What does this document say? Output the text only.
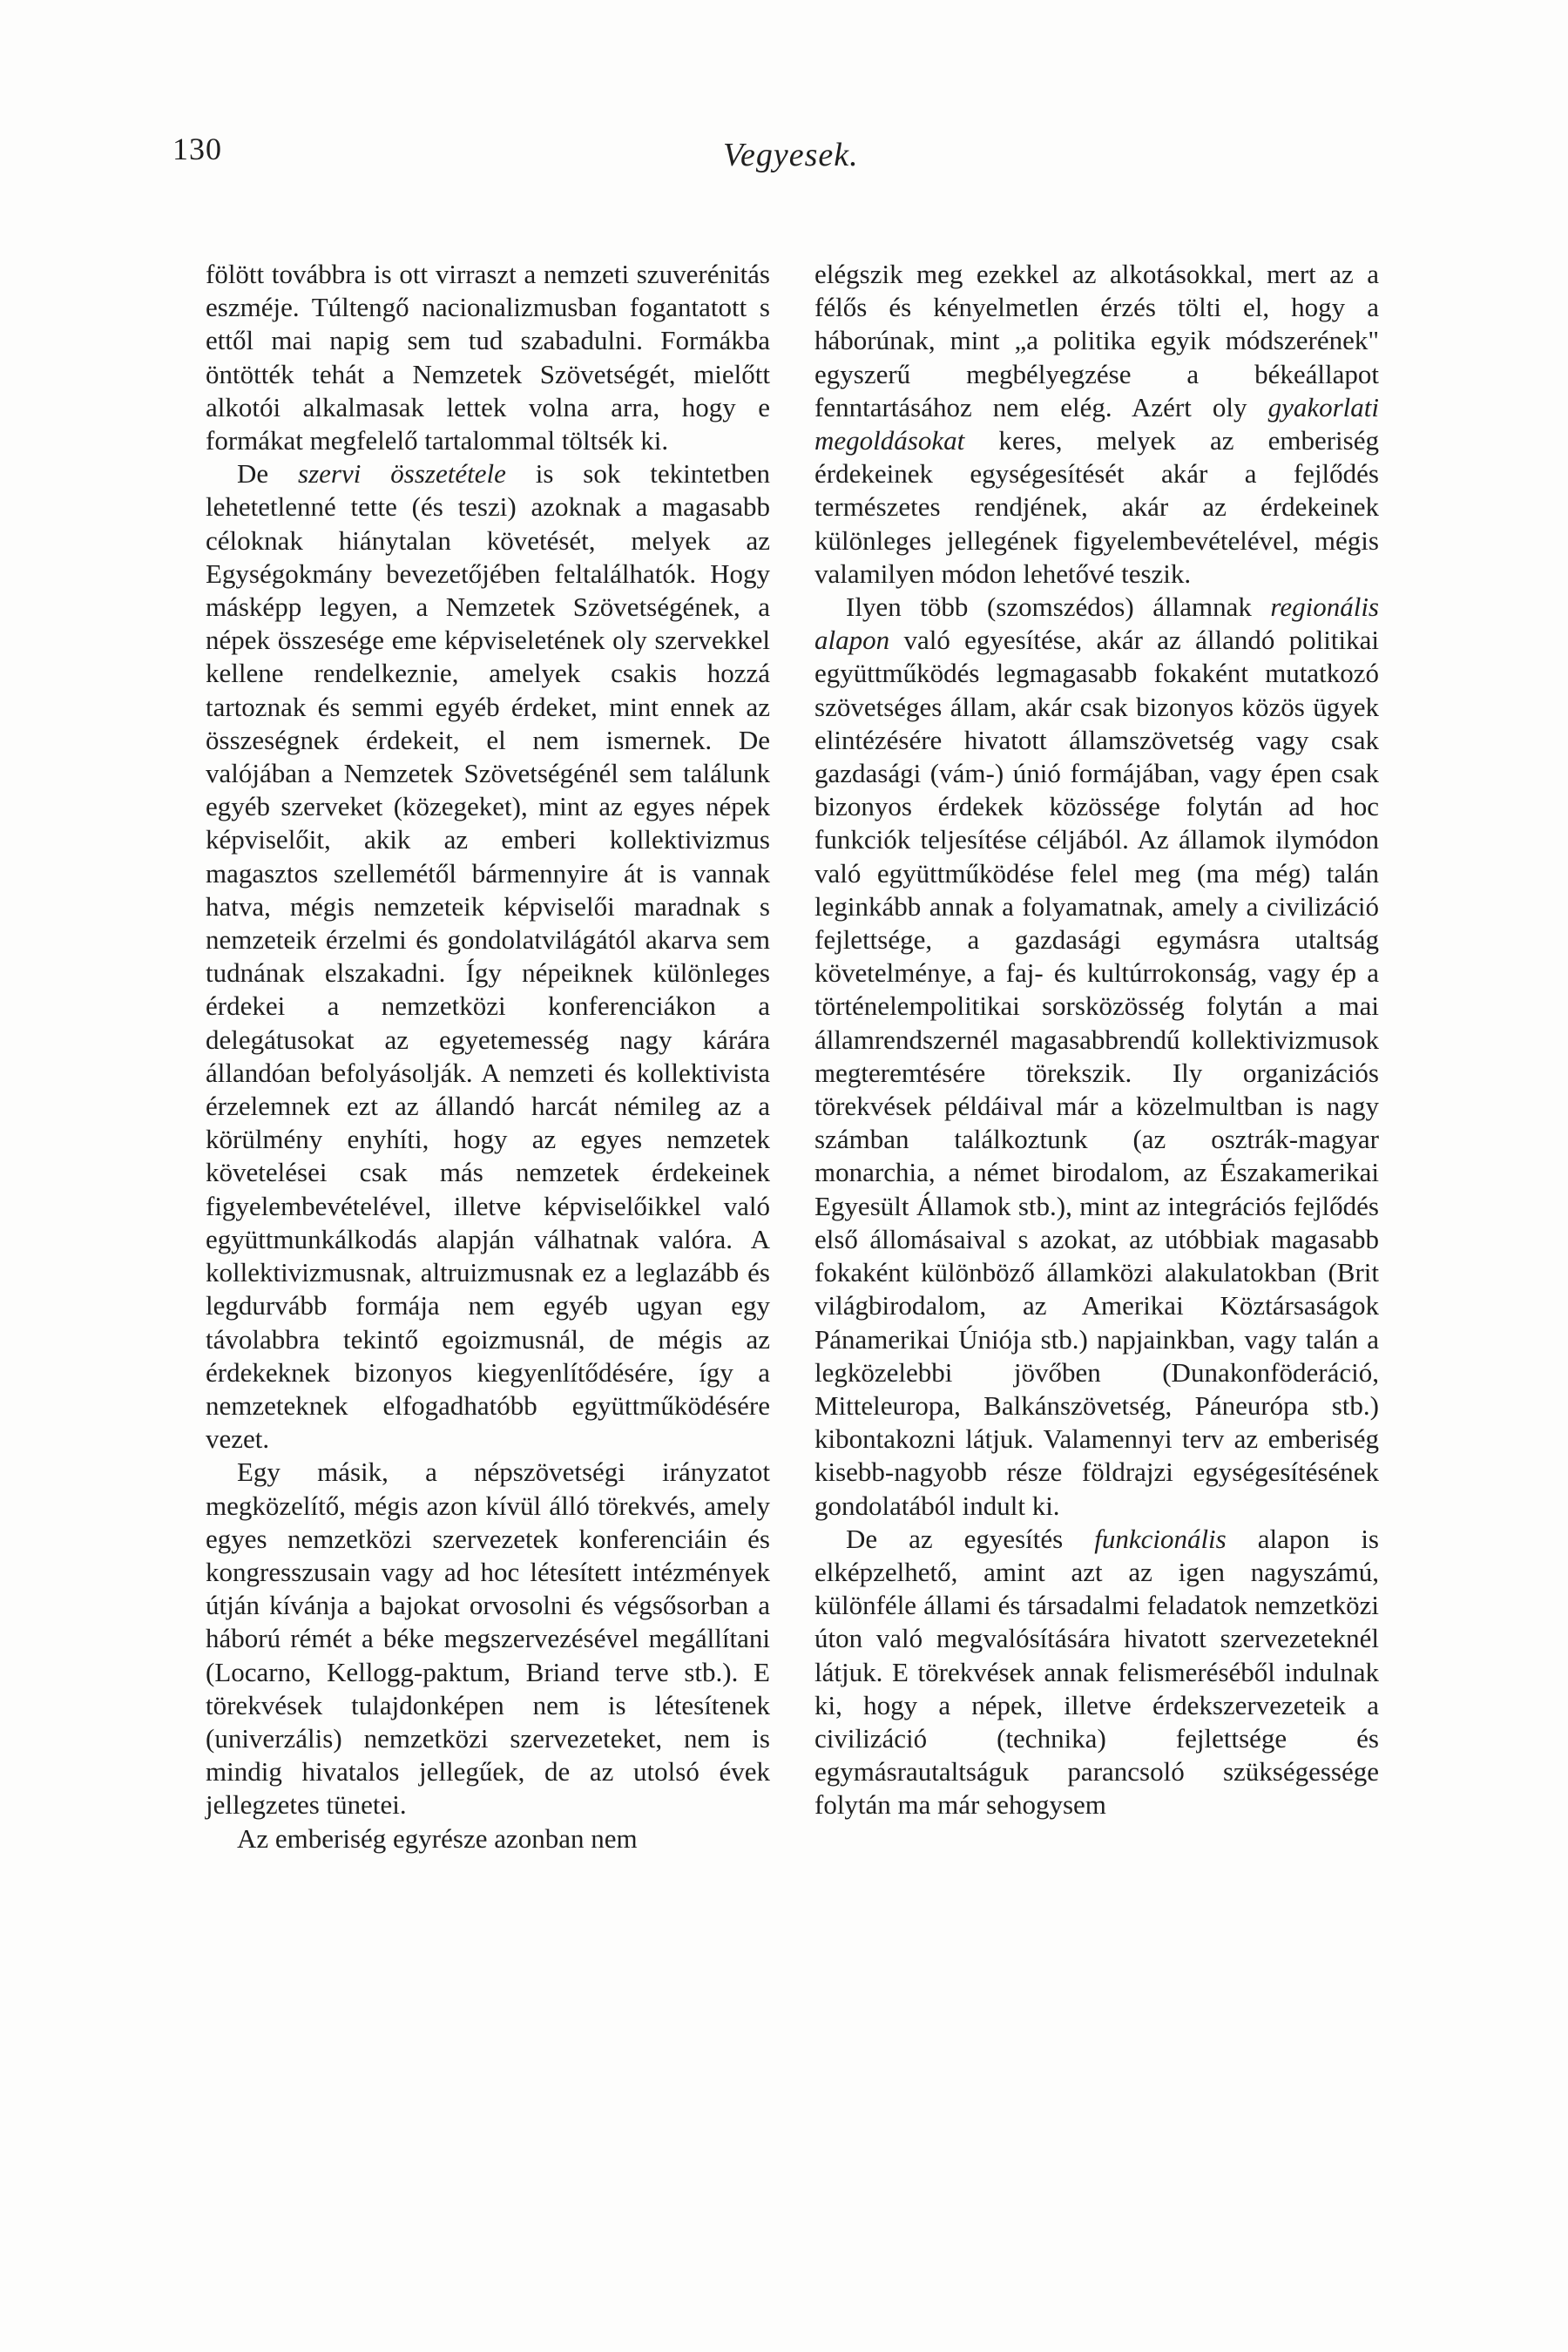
130	Vegyesek.

fölött továbbra is ott virraszt a nemzeti szuverénitás eszméje. Túltengő nacionalizmusban fogantatott s ettől mai napig sem tud szabadulni. Formákba öntötték tehát a Nemzetek Szövetségét, mielőtt alkotói alkalmasak lettek volna arra, hogy e formákat megfelelő tartalommal töltsék ki.

De szervi összetétele is sok tekintetben lehetetlenné tette (és teszi) azoknak a magasabb céloknak hiánytalan követését, melyek az Egységokmány bevezetőjében feltalálhatók. Hogy másképp legyen, a Nemzetek Szövetségének, a népek összesége eme képviseletének oly szervekkel kellene rendelkeznie, amelyek csakis hozzá tartoznak és semmi egyéb érdeket, mint ennek az összeségnek érdekeit, el nem ismernek. De valójában a Nemzetek Szövetségénél sem találunk egyéb szerveket (közegeket), mint az egyes népek képviselőit, akik az emberi kollektivizmus magasztos szellemétől bármennyire át is vannak hatva, mégis nemzeteik képviselői maradnak s nemzeteik érzelmi és gondolatvilágától akarva sem tudnának elszakadni. Így népeiknek különleges érdekei a nemzetközi konferenciákon a delegátusokat az egyetemesség nagy kárára állandóan befolyásolják. A nemzeti és kollektivista érzelemnek ezt az állandó harcát némileg az a körülmény enyhíti, hogy az egyes nemzetek követelései csak más nemzetek érdekeinek figyelembevételével, illetve képviselőikkel való együttmunkálkodás alapján válhatnak valóra. A kollektivizmusnak, altruizmusnak ez a leglazább és legdurvább formája nem egyéb ugyan egy távolabbra tekintő egoizmusnál, de mégis az érdekeknek bizonyos kiegyenlítődésére, így a nemzeteknek elfogadhatóbb együttműködésére vezet.

Egy másik, a népszövetségi irányzatot megközelítő, mégis azon kívül álló törekvés, amely egyes nemzetközi szervezetek konferenciáin és kongresszusain vagy ad hoc létesített intézmények útján kívánja a bajokat orvosolni és végsősorban a háború rémét a béke megszervezésével megállítani (Locarno, Kellogg-paktum, Briand terve stb.). E törekvések tulajdonképen nem is létesítenek (univerzális) nemzetközi szervezeteket, nem is mindig hivatalos jellegűek, de az utolsó évek jellegzetes tünetei.

Az emberiség egyrésze azonban nem

elégszik meg ezekkel az alkotásokkal, mert az a félős és kényelmetlen érzés tölti el, hogy a háborúnak, mint „a politika egyik módszerének" egyszerű megbélyegzése a békeállapot fenntartásához nem elég. Azért oly gyakorlati megoldásokat keres, melyek az emberiség érdekeinek egységesítését akár a fejlődés természetes rendjének, akár az érdekeinek különleges jellegének figyelembevételével, mégis valamilyen módon lehetővé teszik.

Ilyen több (szomszédos) államnak regionális alapon való egyesítése, akár az állandó politikai együttműködés legmagasabb fokaként mutatkozó szövetséges állam, akár csak bizonyos közös ügyek elintézésére hivatott államszövetség vagy csak gazdasági (vám-) únió formájában, vagy épen csak bizonyos érdekek közössége folytán ad hoc funkciók teljesítése céljából. Az államok ilymódon való együttműködése felel meg (ma még) talán leginkább annak a folyamatnak, amely a civilizáció fejlettsége, a gazdasági egymásra utaltság követelménye, a faj- és kultúrrokonság, vagy ép a történelempolitikai sorsközösség folytán a mai államrendszernél magasabbrendű kollektivizmusok megteremtésére törekszik. Ily organizációs törekvések példáival már a közelmultban is nagy számban találkoztunk (az osztrák-magyar monarchia, a német birodalom, az Északamerikai Egyesült Államok stb.), mint az integrációs fejlődés első állomásaival s azokat, az utóbbiak magasabb fokaként különböző államközi alakulatokban (Brit világbirodalom, az Amerikai Köztársaságok Pánamerikai Úniója stb.) napjainkban, vagy talán a legközelebbi jövőben (Dunakonföderáció, Mitteleuropa, Balkánszövetség, Páneurópa stb.) kibontakozni látjuk. Valamennyi terv az emberiség kisebb-nagyobb része földrajzi egységesítésének gondolatából indult ki.

De az egyesítés funkcionális alapon is elképzelhető, amint azt az igen nagyszámú, különféle állami és társadalmi feladatok nemzetközi úton való megvalósítására hivatott szervezeteknél látjuk. E törekvések annak felismeréséből indulnak ki, hogy a népek, illetve érdekszervezeteik a civilizáció (technika) fejlettsége és egymásrautaltságuk parancsoló szükségessége folytán ma már sehogysem
